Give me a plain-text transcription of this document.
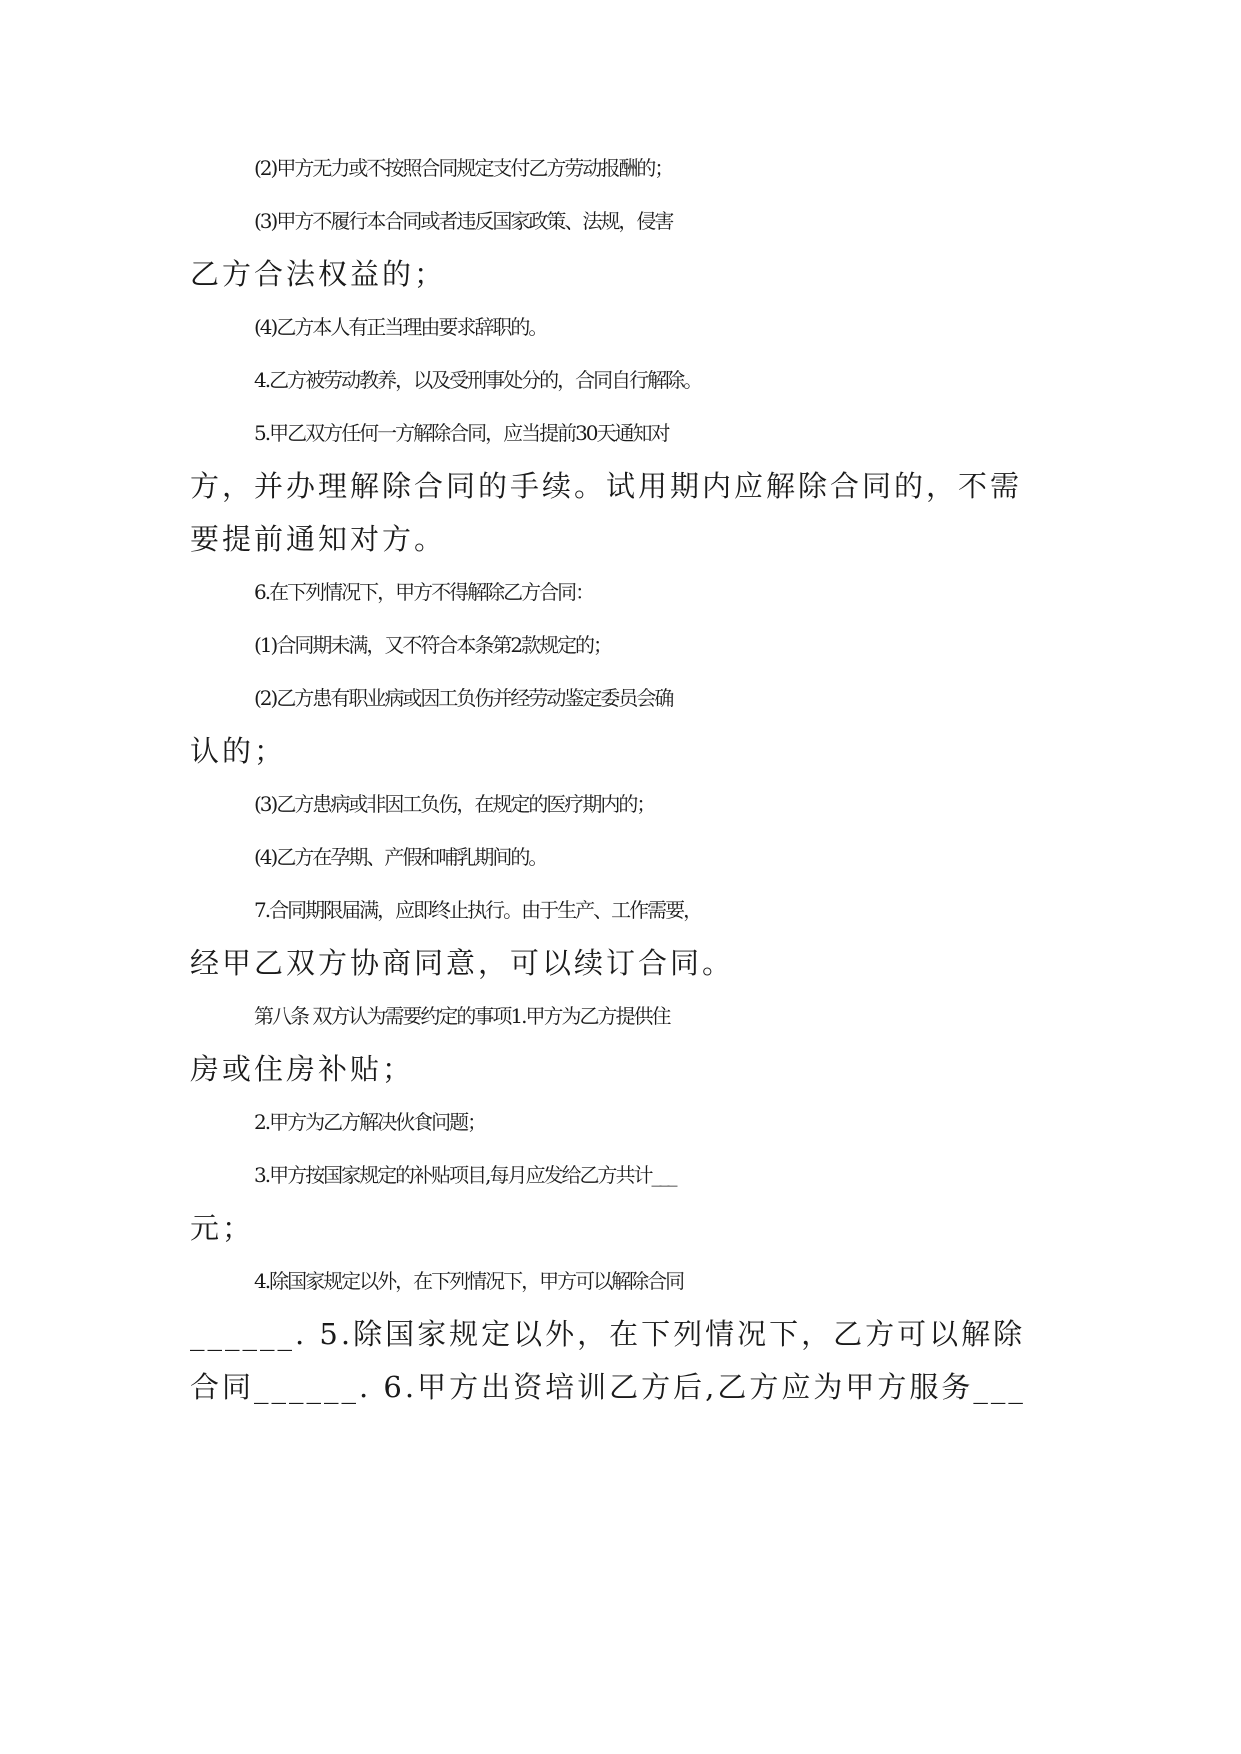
(2)甲方无力或不按照合同规定支付乙方劳动报酬的；
(3)甲方不履行本合同或者违反国家政策、法规，侵害
乙方合法权益的；
(4)乙方本人有正当理由要求辞职的。
4.乙方被劳动教养，以及受刑事处分的，合同自行解除。
5.甲乙双方任何一方解除合同，应当提前30天通知对
方，并办理解除合同的手续。试用期内应解除合同的，不需
要提前通知对方。
6.在下列情况下，甲方不得解除乙方合同：
(1)合同期未满，又不符合本条第2款规定的；
(2)乙方患有职业病或因工负伤并经劳动鉴定委员会确
认的；
(3)乙方患病或非因工负伤，在规定的医疗期内的；
(4)乙方在孕期、产假和哺乳期间的。
7.合同期限届满，应即终止执行。由于生产、工作需要，
经甲乙双方协商同意，可以续订合同。
第八条 双方认为需要约定的事项1.甲方为乙方提供住
房或住房补贴；
2.甲方为乙方解决伙食问题；
3.甲方按国家规定的补贴项目,每月应发给乙方共计___
元；
4.除国家规定以外，在下列情况下，甲方可以解除合同
______. 5.除国家规定以外，在下列情况下，乙方可以解除
合同______. 6.甲方出资培训乙方后,乙方应为甲方服务___
